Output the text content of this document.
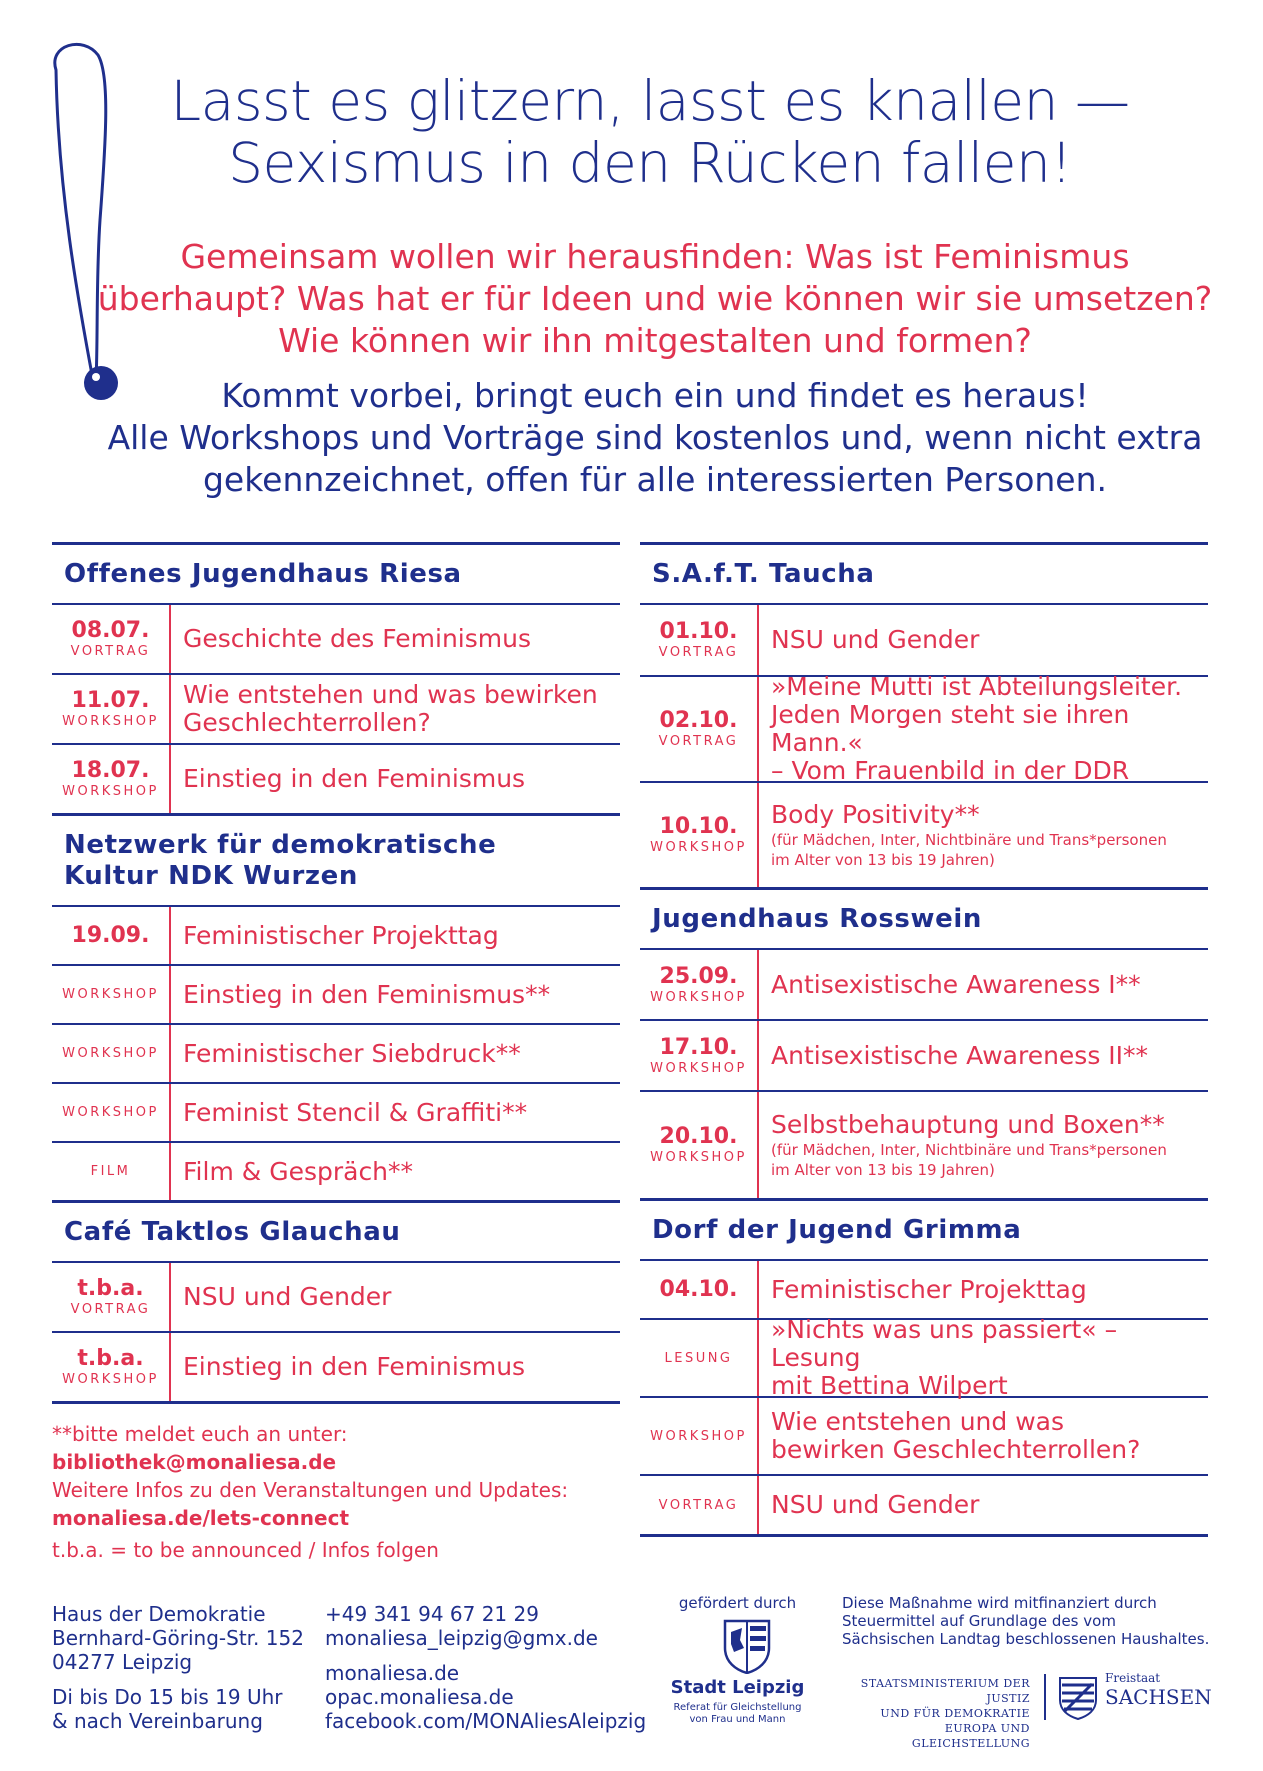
Lasst es glitzern, lasst es knallen —
Sexismus in den Rücken fallen!
Gemeinsam wollen wir herausfinden: Was ist Feminismus
überhaupt? Was hat er für Ideen und wie können wir sie umsetzen?
Wie können wir ihn mitgestalten und formen?
Kommt vorbei, bringt euch ein und findet es heraus!
Alle Workshops und Vorträge sind kostenlos und, wenn nicht extra
gekennzeichnet, offen für alle interessierten Personen.
Offenes Jugendhaus Riesa
08.07.
VORTRAG Geschichte des Feminismus
11.07.
WORKSHOP
Wie entstehen und was bewirken
Geschlechterrollen?
18.07.
WORKSHOP Einstieg in den Feminismus
Netzwerk für demokratische
Kultur NDK Wurzen
19.09. Feministischer Projekttag
WORKSHOP Einstieg in den Feminismus**
WORKSHOP Feministischer Siebdruck**
WORKSHOP Feminist Stencil & Graffiti**
FILM Film & Gespräch**
Café Taktlos Glauchau
t.b.a.
VORTRAG NSU und Gender
t.b.a.
WORKSHOP Einstieg in den Feminismus
S.A.f.T. Taucha
01.10.
VORTRAG NSU und Gender
02.10.
VORTRAG
»Meine Mutti ist Abteilungsleiter.
Jeden Morgen steht sie ihren Mann.«
– Vom Frauenbild in der DDR
10.10.
WORKSHOP
Body Positivity**
(für Mädchen, Inter, Nichtbinäre und Trans*personen
im Alter von 13 bis 19 Jahren)
Jugendhaus Rosswein
25.09.
WORKSHOP Antisexistische Awareness I**
17.10.
WORKSHOP Antisexistische Awareness II**
20.10.
WORKSHOP
Selbstbehauptung und Boxen**
(für Mädchen, Inter, Nichtbinäre und Trans*personen
im Alter von 13 bis 19 Jahren)
Dorf der Jugend Grimma
04.10. Feministischer Projekttag
LESUNG
»Nichts was uns passiert« – Lesung
mit Bettina Wilpert
WORKSHOP Wie entstehen und was
bewirken Geschlechterrollen?
VORTRAG NSU und Gender
**bitte meldet euch an unter: bibliothek@monaliesa.de
Weitere Infos zu den Veranstaltungen und Updates:
monaliesa.de/lets-connect
t.b.a. = to be announced / Infos folgen
Haus der Demokratie
Bernhard-Göring-Str. 152
04277 Leipzig
Di bis Do 15 bis 19 Uhr
& nach Vereinbarung
+49 341 94 67 21 29
monaliesa_leipzig@gmx.de
monaliesa.de
opac.monaliesa.de
facebook.com/MONAliesAleipzig
gefördert durch
Stadt Leipzig
Referat für Gleichstellung
von Frau und Mann
Diese Maßnahme wird mitfinanziert durch
Steuermittel auf Grundlage des vom
Sächsischen Landtag beschlossenen Haushaltes.
STAATSMINISTERIUM DER JUSTIZ
UND FÜR DEMOKRATIE
EUROPA UND GLEICHSTELLUNG
Freistaat
SACHSEN
